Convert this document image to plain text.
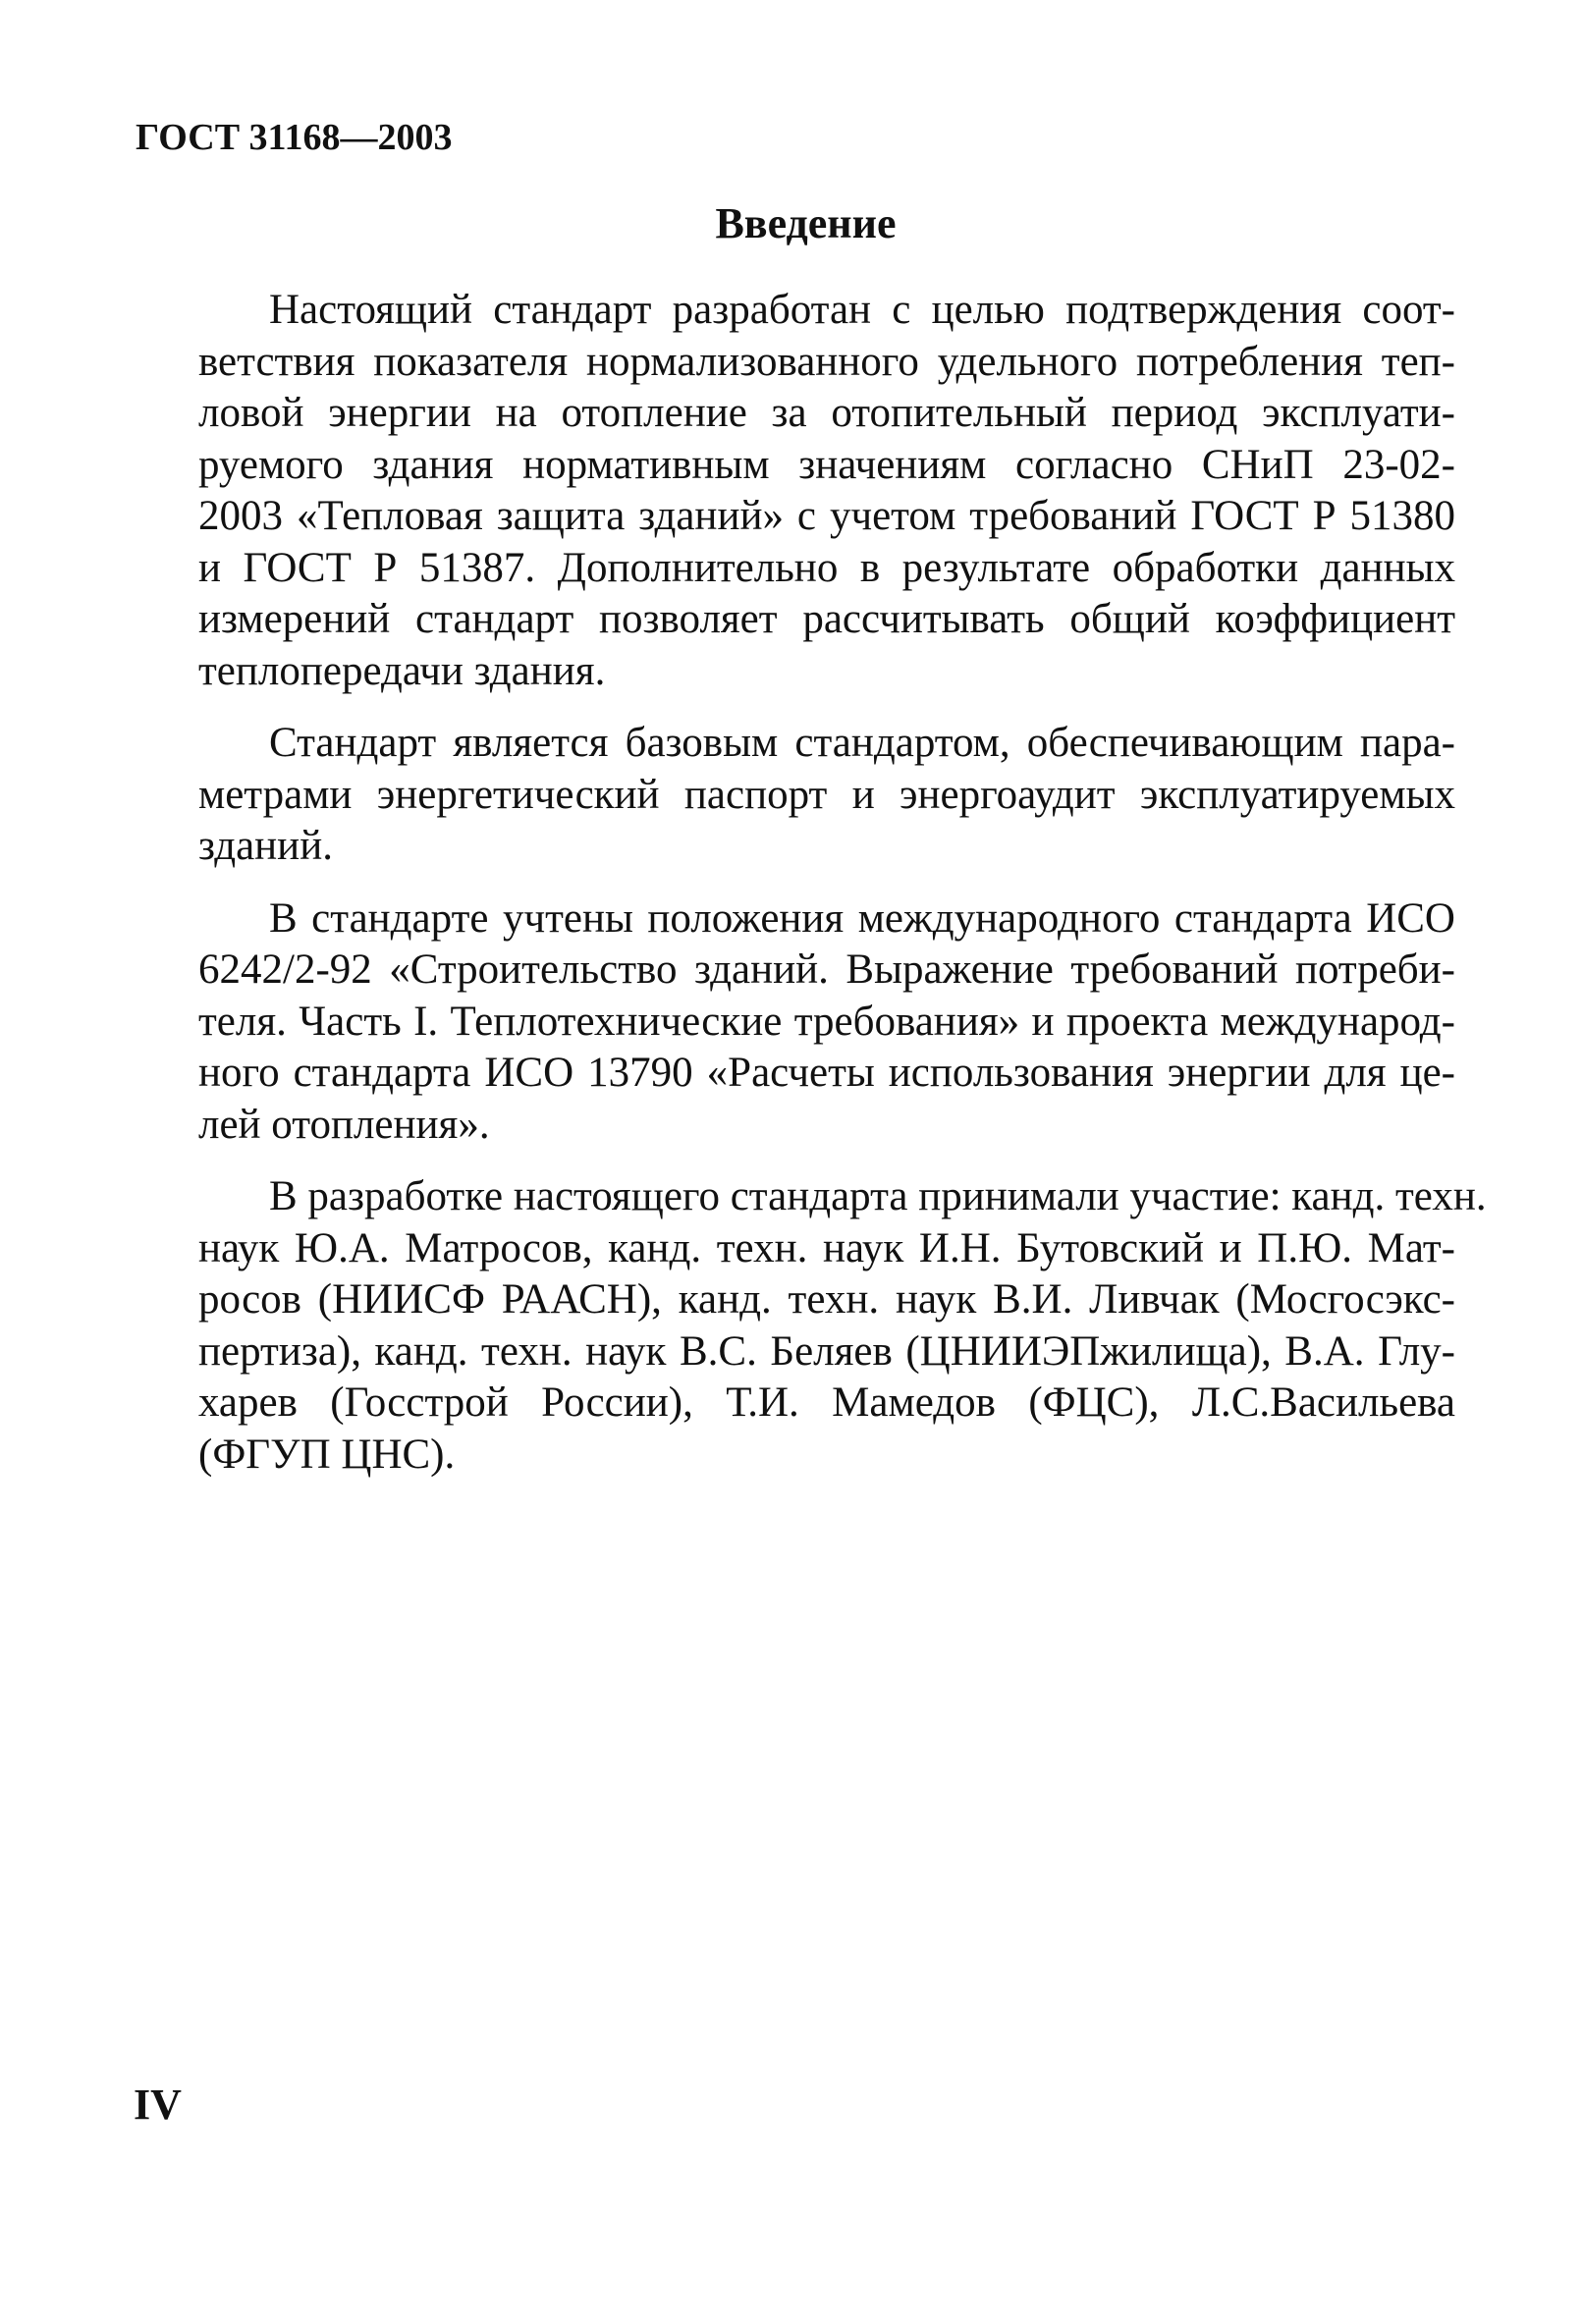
ГОСТ 31168—2003
Введение

Настоящий стандарт разработан с целью подтверждения соот-
ветствия показателя нормализованного удельного потребления теп-
ловой энергии на отопление за отопительный период эксплуати-
руемого здания нормативным значениям согласно СНиП 23-02-
2003 «Тепловая защита зданий» с учетом требований ГОСТ Р 51380
и ГОСТ Р 51387. Дополнительно в результате обработки данных
измерений стандарт позволяет рассчитывать общий коэффициент
теплопередачи здания.

Стандарт является базовым стандартом, обеспечивающим пара-
метрами энергетический паспорт и энергоаудит эксплуатируемых
зданий.

В стандарте учтены положения международного стандарта ИСО
6242/2-92 «Строительство зданий. Выражение требований потреби-
теля. Часть I. Теплотехнические требования» и проекта международ-
ного стандарта ИСО 13790 «Расчеты использования энергии для це-
лей отопления».

В разработке настоящего стандарта принимали участие: канд. техн.
наук Ю.А. Матросов, канд. техн. наук И.Н. Бутовский и П.Ю. Мат-
росов (НИИСФ РААСН), канд. техн. наук В.И. Ливчак (Мосгосэкс-
пертиза), канд. техн. наук В.С. Беляев (ЦНИИЭПжилища), В.А. Глу-
харев (Госстрой России), Т.И. Мамедов (ФЦС), Л.С.Васильева
(ФГУП ЦНС).

IV
